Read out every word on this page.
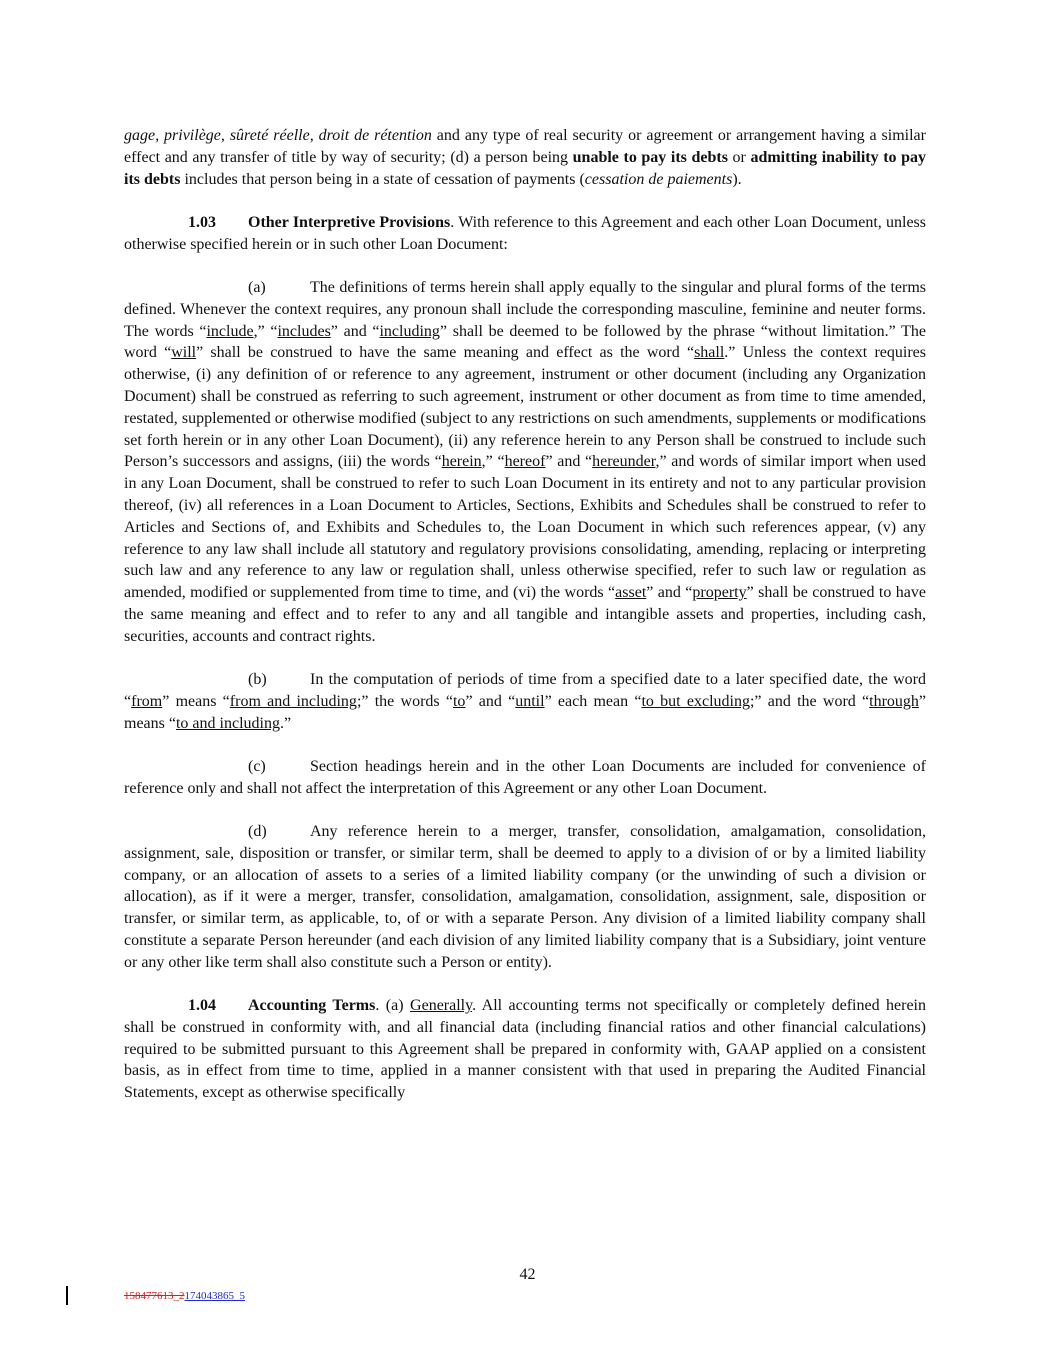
gage, privilège, sûreté réelle, droit de rétention and any type of real security or agreement or arrangement having a similar effect and any transfer of title by way of security; (d) a person being unable to pay its debts or admitting inability to pay its debts includes that person being in a state of cessation of payments (cessation de paiements).

1.03 Other Interpretive Provisions. With reference to this Agreement and each other Loan Document, unless otherwise specified herein or in such other Loan Document:

(a)	The definitions of terms herein shall apply equally to the singular and plural forms of the terms defined. Whenever the context requires, any pronoun shall include the corresponding masculine, feminine and neuter forms. The words “include,” “includes” and “including” shall be deemed to be followed by the phrase “without limitation.” The word “will” shall be construed to have the same meaning and effect as the word “shall.” Unless the context requires otherwise, (i) any definition of or reference to any agreement, instrument or other document (including any Organization Document) shall be construed as referring to such agreement, instrument or other document as from time to time amended, restated, supplemented or otherwise modified (subject to any restrictions on such amendments, supplements or modifications set forth herein or in any other Loan Document), (ii) any reference herein to any Person shall be construed to include such Person’s successors and assigns, (iii) the words “herein,” “hereof” and “hereunder,” and words of similar import when used in any Loan Document, shall be construed to refer to such Loan Document in its entirety and not to any particular provision thereof, (iv) all references in a Loan Document to Articles, Sections, Exhibits and Schedules shall be construed to refer to Articles and Sections of, and Exhibits and Schedules to, the Loan Document in which such references appear, (v) any reference to any law shall include all statutory and regulatory provisions consolidating, amending, replacing or interpreting such law and any reference to any law or regulation shall, unless otherwise specified, refer to such law or regulation as amended, modified or supplemented from time to time, and (vi) the words “asset” and “property” shall be construed to have the same meaning and effect and to refer to any and all tangible and intangible assets and properties, including cash, securities, accounts and contract rights.

(b)	In the computation of periods of time from a specified date to a later specified date, the word “from” means “from and including;” the words “to” and “until” each mean “to but excluding;” and the word “through” means “to and including.”

(c)	Section headings herein and in the other Loan Documents are included for convenience of reference only and shall not affect the interpretation of this Agreement or any other Loan Document.

(d)	Any reference herein to a merger, transfer, consolidation, amalgamation, consolidation, assignment, sale, disposition or transfer, or similar term, shall be deemed to apply to a division of or by a limited liability company, or an allocation of assets to a series of a limited liability company (or the unwinding of such a division or allocation), as if it were a merger, transfer, consolidation, amalgamation, consolidation, assignment, sale, disposition or transfer, or similar term, as applicable, to, of or with a separate Person. Any division of a limited liability company shall constitute a separate Person hereunder (and each division of any limited liability company that is a Subsidiary, joint venture or any other like term shall also constitute such a Person or entity).

1.04 Accounting Terms. (a) Generally. All accounting terms not specifically or completely defined herein shall be construed in conformity with, and all financial data (including financial ratios and other financial calculations) required to be submitted pursuant to this Agreement shall be prepared in conformity with, GAAP applied on a consistent basis, as in effect from time to time, applied in a manner consistent with that used in preparing the Audited Financial Statements, except as otherwise specifically

42
158477613_2174043865_5
